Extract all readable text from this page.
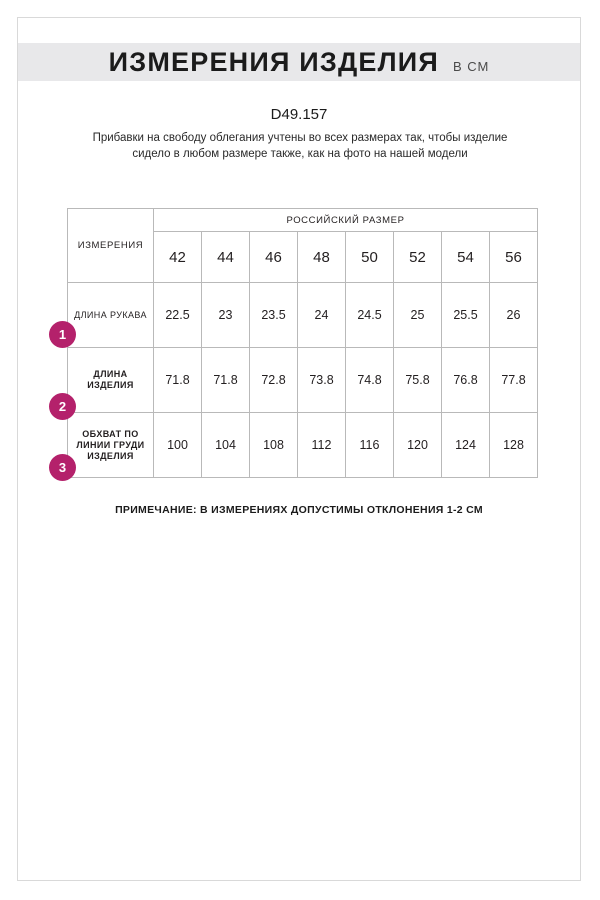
ИЗМЕРЕНИЯ ИЗДЕЛИЯ В СМ
D49.157
Прибавки на свободу облегания учтены во всех размерах так, чтобы изделие сидело в любом размере также, как на фото на нашей модели
ИЗМЕРЕНИЯ	РОССИЙСКИЙ РАЗМЕР							
	42	44	46	48	50	52	54	56
ДЛИНА РУКАВА	22.5	23	23.5	24	24.5	25	25.5	26
ДЛИНА ИЗДЕЛИЯ	71.8	71.8	72.8	73.8	74.8	75.8	76.8	77.8
ОБХВАТ ПО ЛИНИИ ГРУДИ ИЗДЕЛИЯ	100	104	108	112	116	120	124	128
1
2
3
ПРИМЕЧАНИЕ: В ИЗМЕРЕНИЯХ ДОПУСТИМЫ ОТКЛОНЕНИЯ 1-2 СМ
